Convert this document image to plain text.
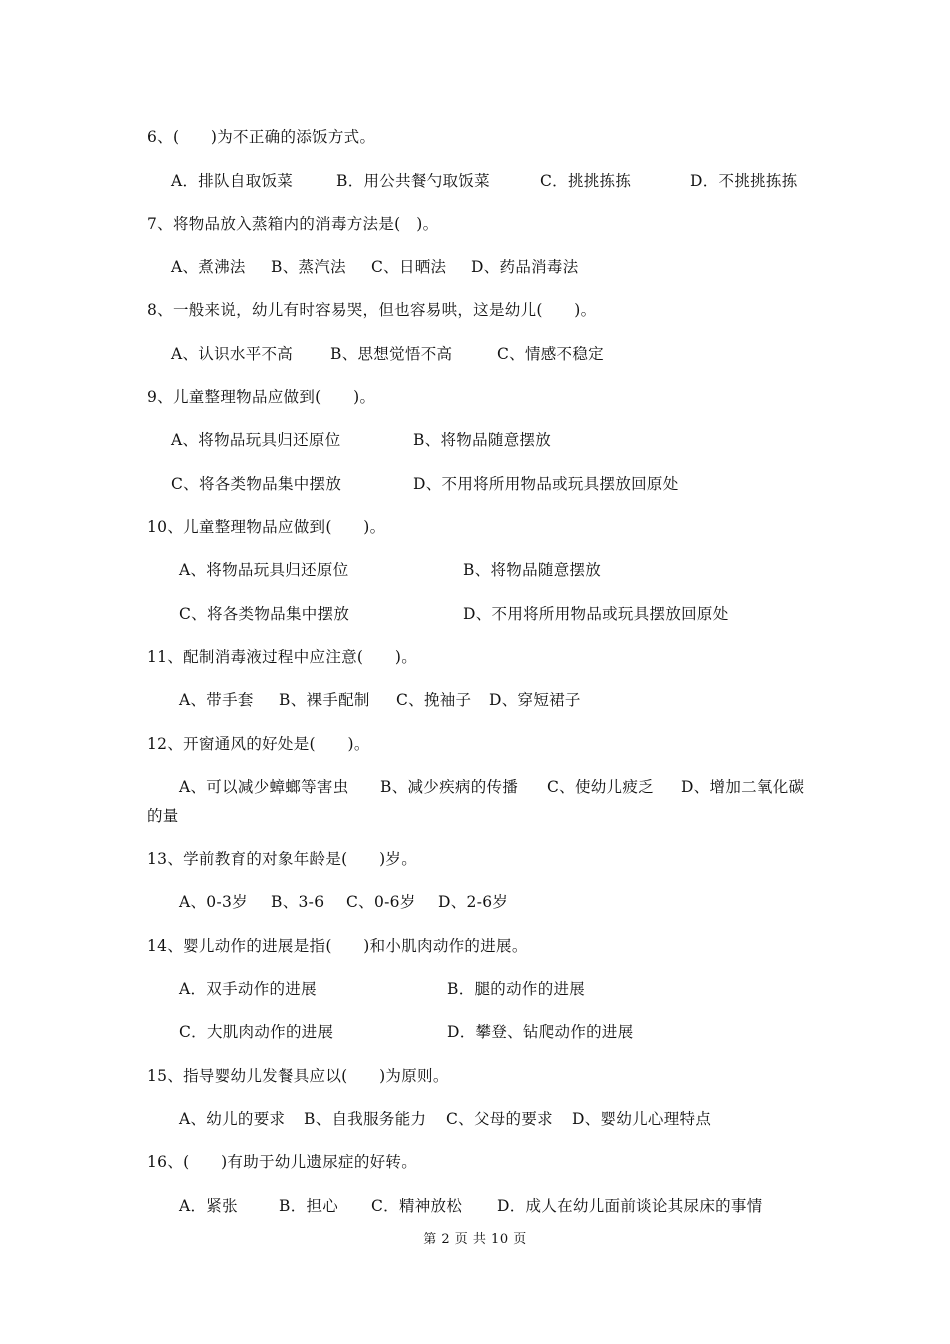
6、(　　)为不正确的添饭方式。
A．排队自取饭菜	B．用公共餐勺取饭菜	C．挑挑拣拣	D．不挑挑拣拣
7、将物品放入蒸箱内的消毒方法是(　)。
A、煮沸法 B、蒸汽法 C、日晒法 D、药品消毒法
8、一般来说，幼儿有时容易哭，但也容易哄，这是幼儿(　　)。
A、认识水平不高 B、思想觉悟不高	C、情感不稳定
9、儿童整理物品应做到(　　)。
A、将物品玩具归还原位	B、将物品随意摆放
C、将各类物品集中摆放	D、不用将所用物品或玩具摆放回原处
10、儿童整理物品应做到(　　)。
A、将物品玩具归还原位	B、将物品随意摆放
C、将各类物品集中摆放	D、不用将所用物品或玩具摆放回原处
11、配制消毒液过程中应注意(　　)。
A、带手套 B、裸手配制 C、挽袖子 D、穿短裙子
12、开窗通风的好处是(　　)。
A、可以减少蟑螂等害虫 B、减少疾病的传播 C、使幼儿疲乏 D、增加二氧化碳
的量
13、学前教育的对象年龄是(　　)岁。
A、0-3岁 B、3-6 C、0-6岁 D、2-6岁
14、婴儿动作的进展是指(　　)和小肌肉动作的进展。
A．双手动作的进展	B．腿的动作的进展
C．大肌肉动作的进展	D．攀登、钻爬动作的进展
15、指导婴幼儿发餐具应以(　　)为原则。
A、幼儿的要求 B、自我服务能力 C、父母的要求 D、婴幼儿心理特点
16、(　　)有助于幼儿遗尿症的好转。
A．紧张	B．担心 C．精神放松 D．成人在幼儿面前谈论其尿床的事情
第 2 页 共 10 页
